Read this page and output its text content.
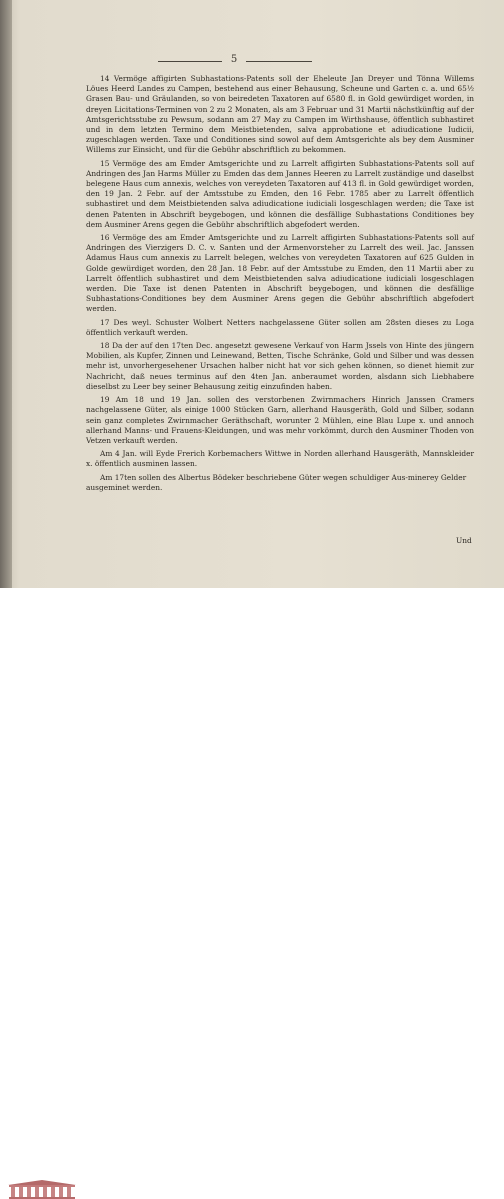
5

14 Vermöge affigirten Subhastations-Patents soll der Eheleute Jan Dreyer und Tönna Willems Löues Heerd Landes zu Campen, bestehend aus einer Behausung, Scheune und Garten c. a. und 65½ Grasen Bau- und Gräulanden, so von beiredeten Taxatoren auf 6580 fl. in Gold gewürdiget worden, in dreyen Licitations-Terminen von 2 zu 2 Monaten, als am 3 Februar und 31 Martii nächstkünftig auf der Amtsgerichtsstube zu Pewsum, sodann am 27 May zu Campen im Wirthshause, öffentlich subhastiret und in dem letzten Termino dem Meistbietenden, salva approbatione et adiudicatione Iudicii, zugeschlagen werden. Taxe und Conditiones sind sowol auf dem Amtsgerichte als bey dem Ausminer Willems zur Einsicht, und für die Gebühr abschriftlich zu bekommen.

15 Vermöge des am Emder Amtsgerichte und zu Larrelt affigirten Subhastations-Patents soll auf Andringen des Jan Harms Müller zu Emden das dem Jannes Heeren zu Larrelt zuständige und daselbst belegene Haus cum annexis, welches von vereydeten Taxatoren auf 413 fl. in Gold gewürdiget worden, den 19 Jan. 2 Febr. auf der Amtsstube zu Emden, den 16 Febr. 1785 aber zu Larrelt öffentlich subhastiret und dem Meistbietenden salva adiudicatione iudiciali losgeschlagen werden; die Taxe ist denen Patenten in Abschrift beygebogen, und können die desfällige Subhastations Conditiones bey dem Ausminer Arens gegen die Gebühr abschriftlich abgefodert werden.

16 Vermöge des am Emder Amtsgerichte und zu Larrelt affigirten Subhastations-Patents soll auf Andringen des Vierzigers D. C. v. Santen und der Armenvorsteher zu Larrelt des weil. Jac. Janssen Adamus Haus cum annexis zu Larrelt belegen, welches von vereydeten Taxatoren auf 625 Gulden in Golde gewürdiget worden, den 28 Jan. 18 Febr. auf der Amtsstube zu Emden, den 11 Martii aber zu Larrelt öffentlich subhastiret und dem Meistbietenden salva adiudicatione iudiciali losgeschlagen werden. Die Taxe ist denen Patenten in Abschrift beygebogen, und können die desfällige Subhastations-Conditiones bey dem Ausminer Arens gegen die Gebühr abschriftlich abgefodert werden.

17 Des weyl. Schuster Wolbert Netters nachgelassene Güter sollen am 28sten dieses zu Loga öffentlich verkauft werden.

18 Da der auf den 17ten Dec. angesetzt gewesene Verkauf von Harm Jssels von Hinte des jüngern Mobilien, als Kupfer, Zinnen und Leinewand, Betten, Tische Schränke, Gold und Silber und was dessen mehr ist, unvorhergesehener Ursachen halber nicht hat vor sich gehen können, so dienet hiemit zur Nachricht, daß neues terminus auf den 4ten Jan. anberaumet worden, alsdann sich Liebhabere dieselbst zu Leer bey seiner Behausung zeitig einzufinden haben.

19 Am 18 und 19 Jan. sollen des verstorbenen Zwirnmachers Hinrich Janssen Cramers nachgelassene Güter, als einige 1000 Stücken Garn, allerhand Hausgeräth, Gold und Silber, sodann sein ganz completes Zwirnmacher Geräthschaft, worunter 2 Mühlen, eine Blau Lupe x. und annoch allerhand Manns- und Frauens-Kleidungen, und was mehr vorkömmt, durch den Ausminer Thoden von Vetzen verkauft werden.

Am 4 Jan. will Eyde Frerich Korbemachers Wittwe in Norden allerhand Hausgeräth, Mannskleider x. öffentlich ausminen lassen.

Am 17ten sollen des Albertus Bödeker beschriebene Güter wegen schuldiger Aus-minerey Gelder ausgeminet werden.

Und
